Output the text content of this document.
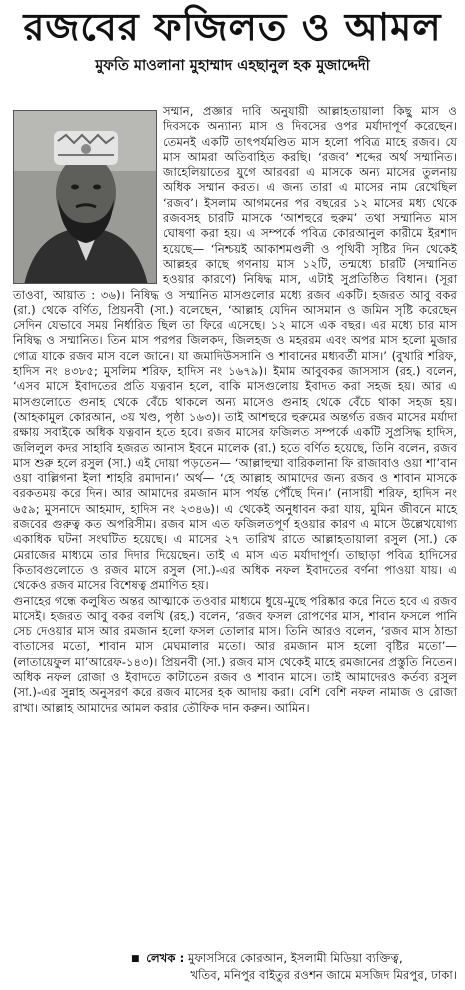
রজবের ফজিলত ও আমল
মুফতি মাওলানা মুহাম্মাদ এহছানুল হক মুজাদ্দেদী

সম্মান, প্রজ্ঞার দাবি অনুযায়ী আল্লাহতায়ালা কিছু মাস ও দিবসকে অন্যান্য মাস ও দিবসের ওপর মর্যাদাপূর্ণ করেছেন। তেমনই একটি তাৎপর্যমণ্ডিত মাস হলো পবিত্র মাহে রজব। যে মাস আমরা অতিবাহিত করছি। ‘রজব’ শব্দের অর্থ সম্মানিত। জাহেলিয়াতের যুগে আরবরা এ মাসকে অন্য মাসের তুলনায় অধিক সম্মান করত। এ জন্য তারা এ মাসের নাম রেখেছিল ‘রজব’। ইসলাম আগমনের পর বছরের ১২ মাসের মধ্য থেকে রজবসহ চারটি মাসকে ‘আশহুরে হুরুম’ তথা সম্মানিত মাস ঘোষণা করা হয়। এ সম্পর্কে পবিত্র কোরআনুল কারীমে ইরশাদ হয়েছে— ‘নিশ্চয়ই আকাশমণ্ডলী ও পৃথিবী সৃষ্টির দিন থেকেই আল্লহর কাছে গণনায় মাস ১২টি, তন্মধ্যে চারটি (সম্মানিত হওয়ার কারণে) নিষিদ্ধ মাস, এটাই সুপ্রতিষ্ঠিত বিধান। (সূরা তাওবা, আয়াত : ৩৬)। নিষিদ্ধ ও সম্মানিত মাসগুলোর মধ্যে রজব একটি। হজরত আবু বকর (রা.) থেকে বর্ণিত, প্রিয়নবী (সা.) বলেছেন, ‘আল্লাহ যেদিন আসমান ও জমিন সৃষ্টি করেছেন সেদিন যেভাবে সময় নির্ধারিত ছিল তা ফিরে এসেছে। ১২ মাসে এক বছর। এর মধ্যে চার মাস নিষিদ্ধ ও সম্মানিত। তিন মাস পরপর জিলকদ, জিলহজ ও মহররম এবং অপর মাস হলো মুজার গোত্র যাকে রজব মাস বলে জানে। যা জমাদিউসসানি ও শাবানের মধ্যবর্তী মাস।’ (বুখারি শরিফ, হাদিস নং ৪৩৮৫; মুসলিম শরিফ, হাদিস নং ১৬৭৯)। ইমাম আবুবকর জাসসাস (রহ.) বলেন, ‘এসব মাসে ইবাদতের প্রতি যত্নবান হলে, বাকি মাসগুলোয় ইবাদত করা সহজ হয়। আর এ মাসগুলোতে গুনাহ থেকে বেঁচে থাকলে অন্য মাসেও গুনাহ থেকে বেঁচে থাকা সহজ হয়। (আহকামুল কোরআন, ৩য় খণ্ড, পৃষ্ঠা ১৬৩)। তাই আশহুরে হুরুমের অন্তর্গত রজব মাসের মর্যাদা রক্ষায় সবাইকে অধিক যত্নবান হতে হবে। রজব মাসের ফজিলত সম্পর্কে একটি সুপ্রসিদ্ধ হাদিস, জলিলুল কদর সাহাবি হজরত আনাস ইবনে মালেক (রা.) হতে বর্ণিত হয়েছে, তিনি বলেন, রজব মাস শুরু হলে রসুল (সা.) এই দোয়া পড়তেন— ‘আল্লাহুম্মা বারিকলানা ফি রাজাবাও ওয়া শা’বান ওয়া বাল্লিগনা ইলা শাহরি রমাদান।’ অর্থ— ‘হে আল্লাহ আমাদের জন্য রজব ও শাবান মাসকে বরকতময় করে দিন। আর আমাদের রমজান মাস পর্যন্ত পৌঁছে দিন।’ (নাসায়ী শরিফ, হাদিস নং ৬৫৯; মুসনাদে আহমাদ, হাদিস নং ২৩৪৬)। এ থেকেই অনুধাবন করা যায়, মুমিন জীবনে মাহে রজবের গুরুত্ব কত অপরিসীম। রজব মাস এত ফজিলতপূর্ণ হওয়ার কারণ এ মাসে উল্লেখযোগ্য একাধিক ঘটনা সংঘটিত হয়েছে। এ মাসের ২৭ তারিখ রাতে আল্লাহতায়ালা রসুল (সা.) কে মেরাজের মাধ্যমে তার দিদার দিয়েছেন। তাই এ মাস এত মর্যাদাপূর্ণ। তাছাড়া পবিত্র হাদিসের কিতাবগুলোতে ও রজব মাসে রসুল (সা.)-এর অধিক নফল ইবাদতের বর্ণনা পাওয়া যায়। এ থেকেও রজব মাসের বিশেষত্ব প্রমাণিত হয়।

গুনাহের গন্ধে কলুষিত অন্তর আত্মাকে তওবার মাধ্যমে ধুয়ে-মুছে পরিষ্কার করে নিতে হবে এ রজব মাসেই। হজরত আবু বকর বলখি (রহ.) বলেন, ‘রজব ফসল রোপণের মাস, শাবান ফসলে পানি সেচ দেওয়ার মাস আর রমজান হলো ফসল তোলার মাস। তিনি আরও বলেন, ‘রজব মাস ঠান্ডা বাতাসের মতো, শাবান মাস মেঘমালার মতো। আর রমজান মাস হলো বৃষ্টির মতো’— (লাতায়েফুল মা’আরেফ-১৪৩)। প্রিয়নবী (সা.) রজব মাস থেকেই মাহে রমজানের প্রস্তুতি নিতেন। অধিক নফল রোজা ও ইবাদতে কাটাতেন রজব ও শাবান মাসে। তাই আমাদেরও কর্তব্য রসুল (সা.)-এর সুন্নাহ অনুসরণ করে রজব মাসের হক আদায় করা। বেশি বেশি নফল নামাজ ও রোজা রাখা। আল্লাহ আমাদের আমল করার তৌফিক দান করুন। আমিন।

■ লেখক : মুফাসসিরে কোরআন, ইসলামী মিডিয়া ব্যক্তিত্ব,
খতিব, মনিপুর বাইতুর রওশন জামে মসজিদ মিরপুর, ঢাকা।
